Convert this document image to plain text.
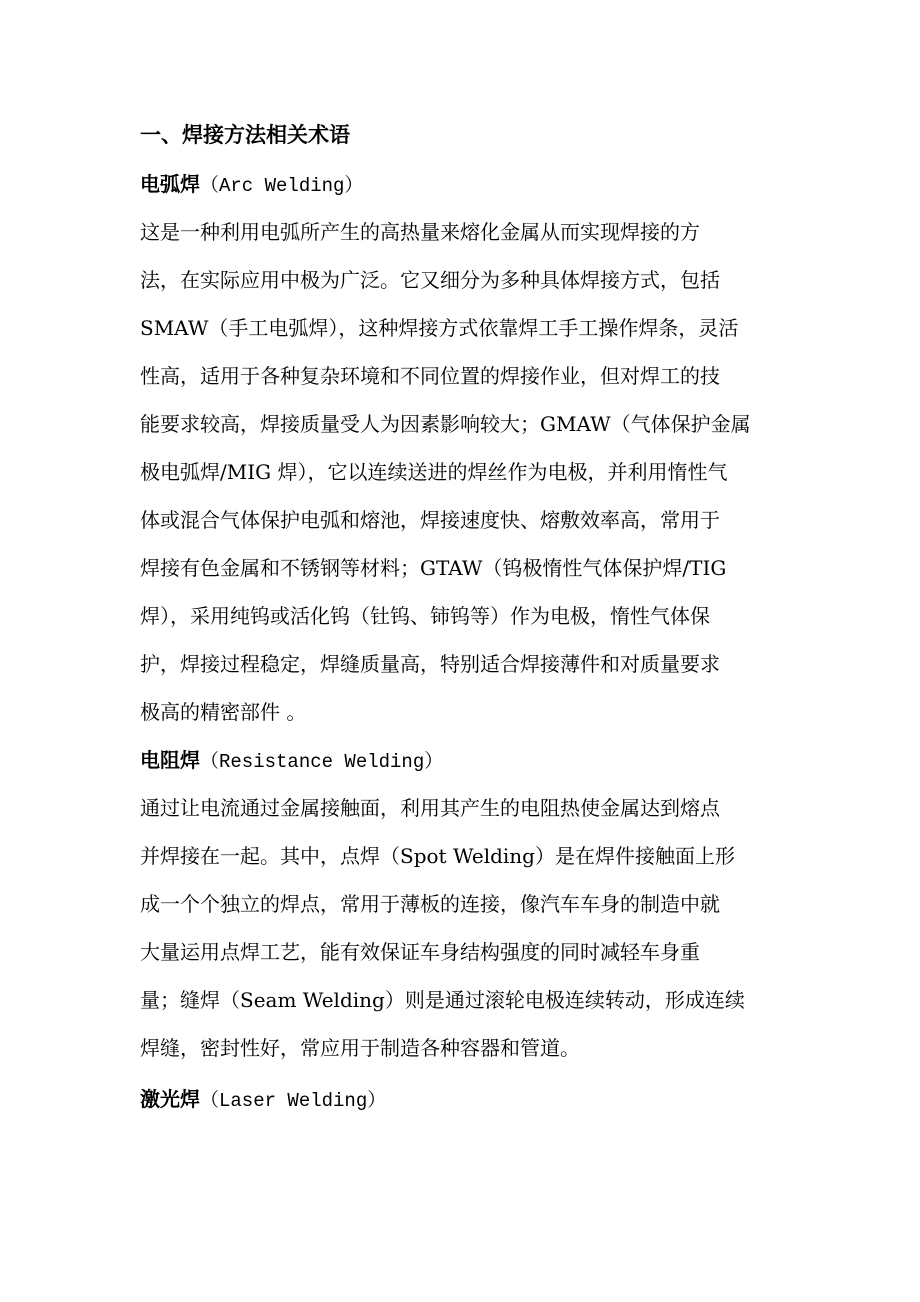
一、焊接方法相关术语
电弧焊（Arc Welding）

这是一种利用电弧所产生的高热量来熔化金属从而实现焊接的方
法，在实际应用中极为广泛。它又细分为多种具体焊接方式，包括
SMAW（手工电弧焊），这种焊接方式依靠焊工手工操作焊条，灵活
性高，适用于各种复杂环境和不同位置的焊接作业，但对焊工的技
能要求较高，焊接质量受人为因素影响较大；GMAW（气体保护金属
极电弧焊/MIG 焊），它以连续送进的焊丝作为电极，并利用惰性气
体或混合气体保护电弧和熔池，焊接速度快、熔敷效率高，常用于
焊接有色金属和不锈钢等材料；GTAW（钨极惰性气体保护焊/TIG
焊），采用纯钨或活化钨（钍钨、铈钨等）作为电极，惰性气体保
护，焊接过程稳定，焊缝质量高，特别适合焊接薄件和对质量要求
极高的精密部件 。

电阻焊（Resistance Welding）

通过让电流通过金属接触面，利用其产生的电阻热使金属达到熔点
并焊接在一起。其中，点焊（Spot Welding）是在焊件接触面上形
成一个个独立的焊点，常用于薄板的连接，像汽车车身的制造中就
大量运用点焊工艺，能有效保证车身结构强度的同时减轻车身重
量；缝焊（Seam Welding）则是通过滚轮电极连续转动，形成连续
焊缝，密封性好，常应用于制造各种容器和管道。

激光焊（Laser Welding）
